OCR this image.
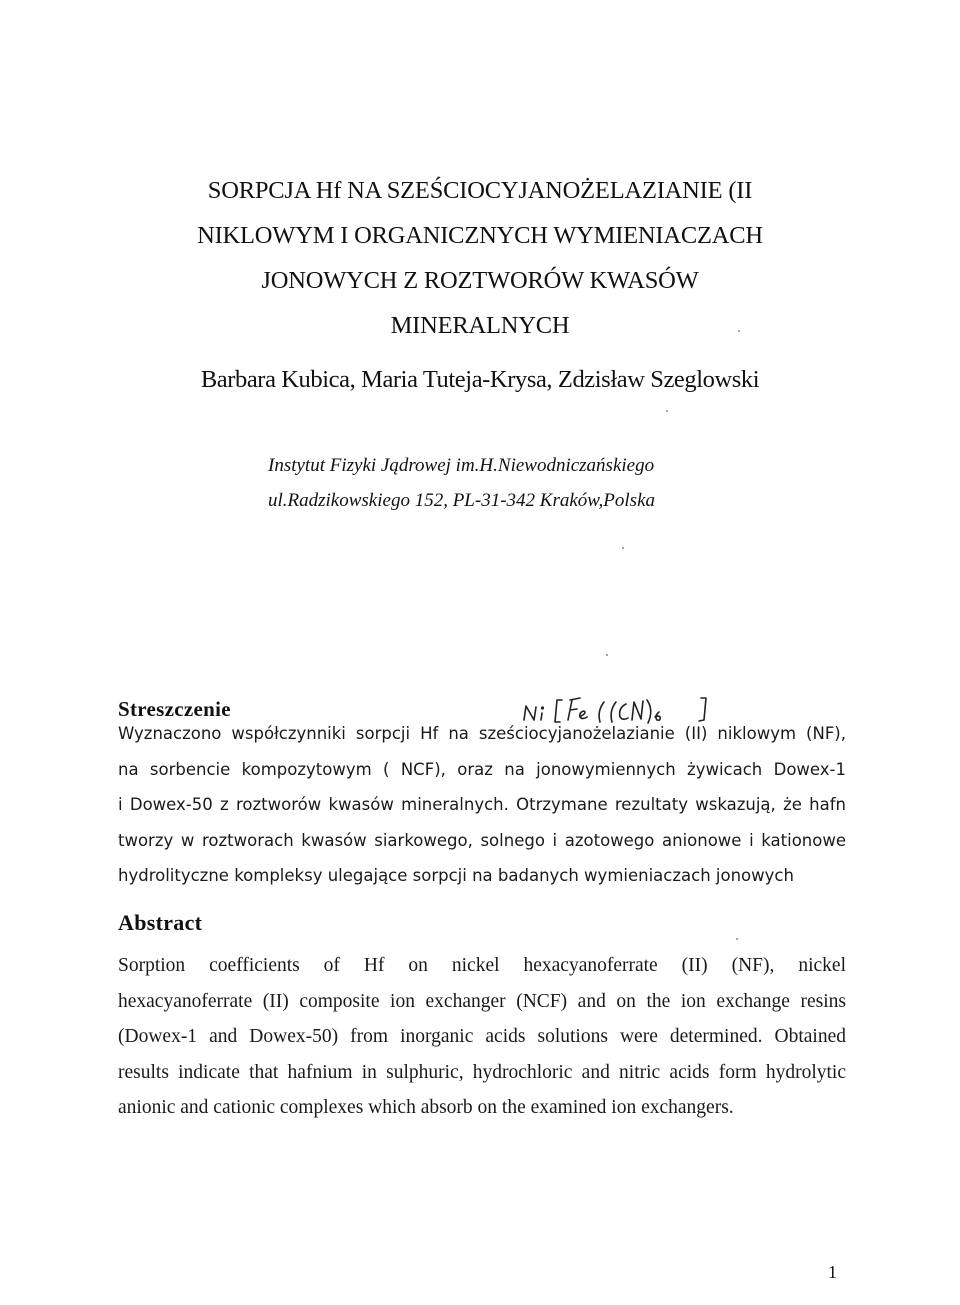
SORPCJA Hf NA SZEŚCIOCYJANOŻELAZIANIE (II
NIKLOWYM I ORGANICZNYCH WYMIENIACZACH
JONOWYCH Z ROZTWORÓW KWASÓW
MINERALNYCH
Barbara Kubica, Maria Tuteja-Krysa, Zdzisław Szeglowski
Instytut Fizyki Jądrowej im.H.Niewodniczańskiego
ul.Radzikowskiego 152, PL-31-342 Kraków,Polska
Streszczenie
Wyznaczono współczynniki sorpcji Hf na sześciocyjanożelazianie (II) niklowym (NF),
na sorbencie kompozytowym ( NCF), oraz na jonowymiennych żywicach Dowex-1
i Dowex-50 z roztworów kwasów mineralnych. Otrzymane rezultaty wskazują, że hafn
tworzy w roztworach kwasów siarkowego, solnego i azotowego anionowe i kationowe
hydrolityczne kompleksy ulegające sorpcji na badanych wymieniaczach jonowych
Abstract
Sorption coefficients of Hf on nickel hexacyanoferrate (II) (NF), nickel
hexacyanoferrate (II) composite ion exchanger (NCF) and on the ion exchange resins
(Dowex-1 and Dowex-50) from inorganic acids solutions were determined. Obtained
results indicate that hafnium in sulphuric, hydrochloric and nitric acids form hydrolytic
anionic and cationic complexes which absorb on the examined ion exchangers.
1
